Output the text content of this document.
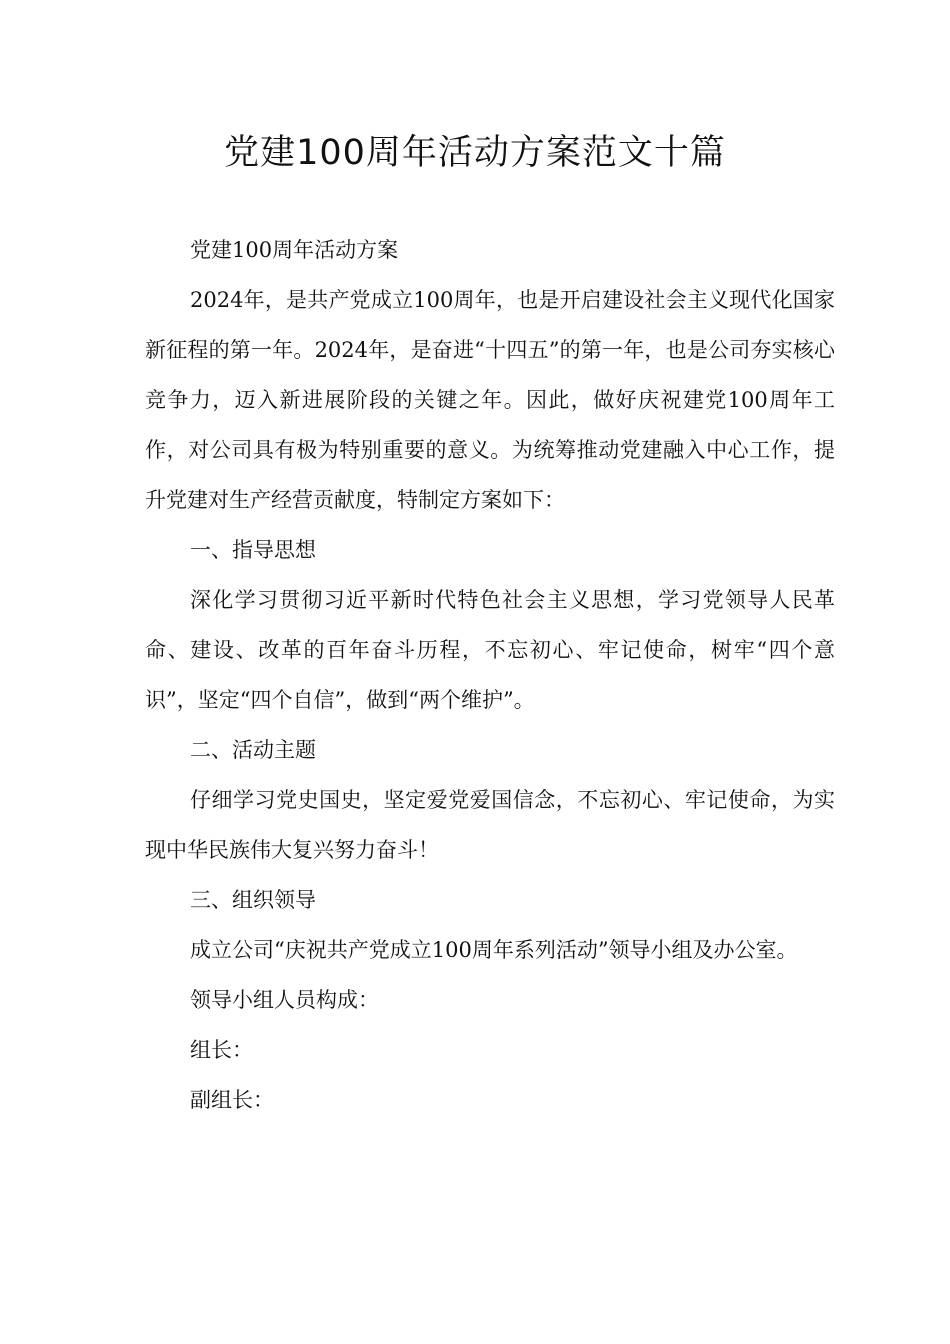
党建100周年活动方案范文十篇

党建100周年活动方案

2024年，是共产党成立100周年，也是开启建设社会主义现代化国家新征程的第一年。2024年，是奋进“十四五”的第一年，也是公司夯实核心竞争力，迈入新进展阶段的关键之年。因此，做好庆祝建党100周年工作，对公司具有极为特别重要的意义。为统筹推动党建融入中心工作，提升党建对生产经营贡献度，特制定方案如下：

一、指导思想

深化学习贯彻习近平新时代特色社会主义思想，学习党领导人民革命、建设、改革的百年奋斗历程，不忘初心、牢记使命，树牢“四个意识”，坚定“四个自信”，做到“两个维护”。

二、活动主题

仔细学习党史国史，坚定爱党爱国信念，不忘初心、牢记使命，为实现中华民族伟大复兴努力奋斗！

三、组织领导

成立公司“庆祝共产党成立100周年系列活动”领导小组及办公室。

领导小组人员构成：

组长：

副组长：
